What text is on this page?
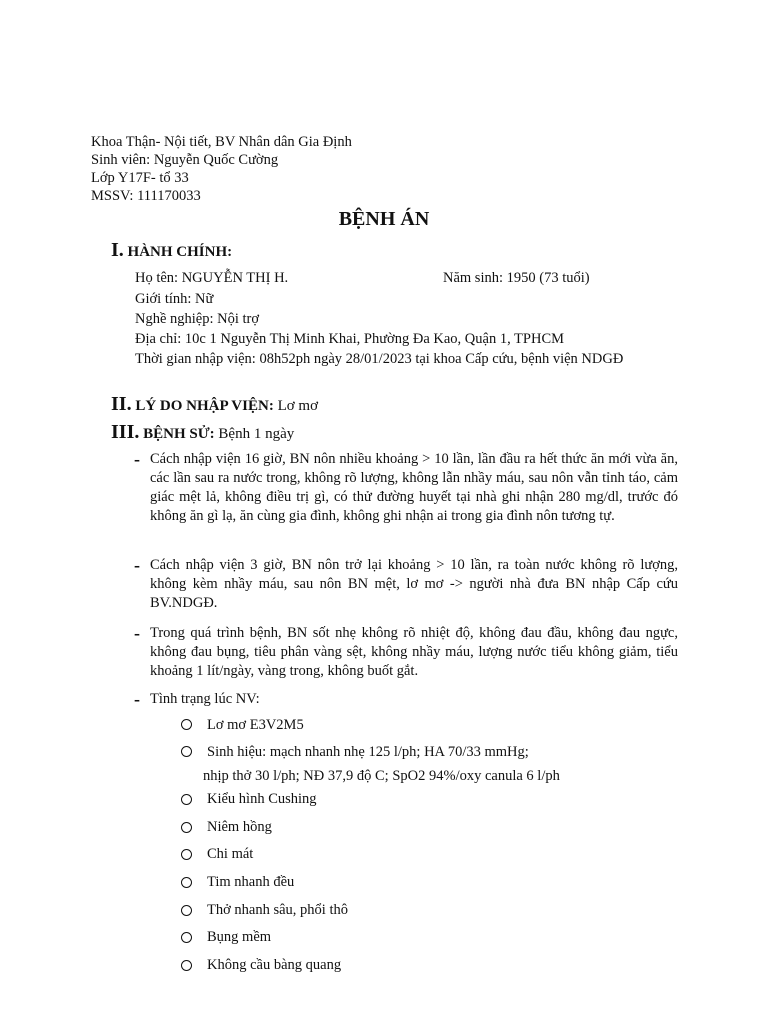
Khoa Thận- Nội tiết, BV Nhân dân Gia Định
Sinh viên: Nguyễn Quốc Cường
Lớp Y17F- tổ 33
MSSV: 111170033
BỆNH ÁN
I. HÀNH CHÍNH:
Họ tên: NGUYỄN THỊ H.	Năm sinh: 1950 (73 tuổi)
Giới tính: Nữ
Nghề nghiệp: Nội trợ
Địa chỉ: 10c 1 Nguyễn Thị Minh Khai, Phường Đa Kao, Quận 1, TPHCM
Thời gian nhập viện: 08h52ph ngày 28/01/2023 tại khoa Cấp cứu, bệnh viện NDGĐ
II. LÝ DO NHẬP VIỆN: Lơ mơ
III. BỆNH SỬ: Bệnh 1 ngày
- Cách nhập viện 16 giờ, BN nôn nhiều khoảng > 10 lần, lần đầu ra hết thức ăn mới vừa ăn, các lần sau ra nước trong, không rõ lượng, không lẫn nhầy máu, sau nôn vẫn tỉnh táo, cảm giác mệt lả, không điều trị gì, có thử đường huyết tại nhà ghi nhận 280 mg/dl, trước đó không ăn gì lạ, ăn cùng gia đình, không ghi nhận ai trong gia đình nôn tương tự.
- Cách nhập viện 3 giờ, BN nôn trở lại khoảng > 10 lần, ra toàn nước không rõ lượng, không kèm nhầy máu, sau nôn BN mệt, lơ mơ -> người nhà đưa BN nhập Cấp cứu BV.NDGĐ.
- Trong quá trình bệnh, BN sốt nhẹ không rõ nhiệt độ, không đau đầu, không đau ngực, không đau bụng, tiêu phân vàng sệt, không nhầy máu, lượng nước tiểu không giảm, tiểu khoảng 1 lít/ngày, vàng trong, không buốt gắt.
- Tình trạng lúc NV:
Lơ mơ E3V2M5
Sinh hiệu: mạch nhanh nhẹ 125 l/ph; HA 70/33 mmHg;
nhịp thở 30 l/ph; NĐ 37,9 độ C; SpO2 94%/oxy canula 6 l/ph
Kiểu hình Cushing
Niêm hồng
Chi mát
Tim nhanh đều
Thở nhanh sâu, phổi thô
Bụng mềm
Không cầu bàng quang
